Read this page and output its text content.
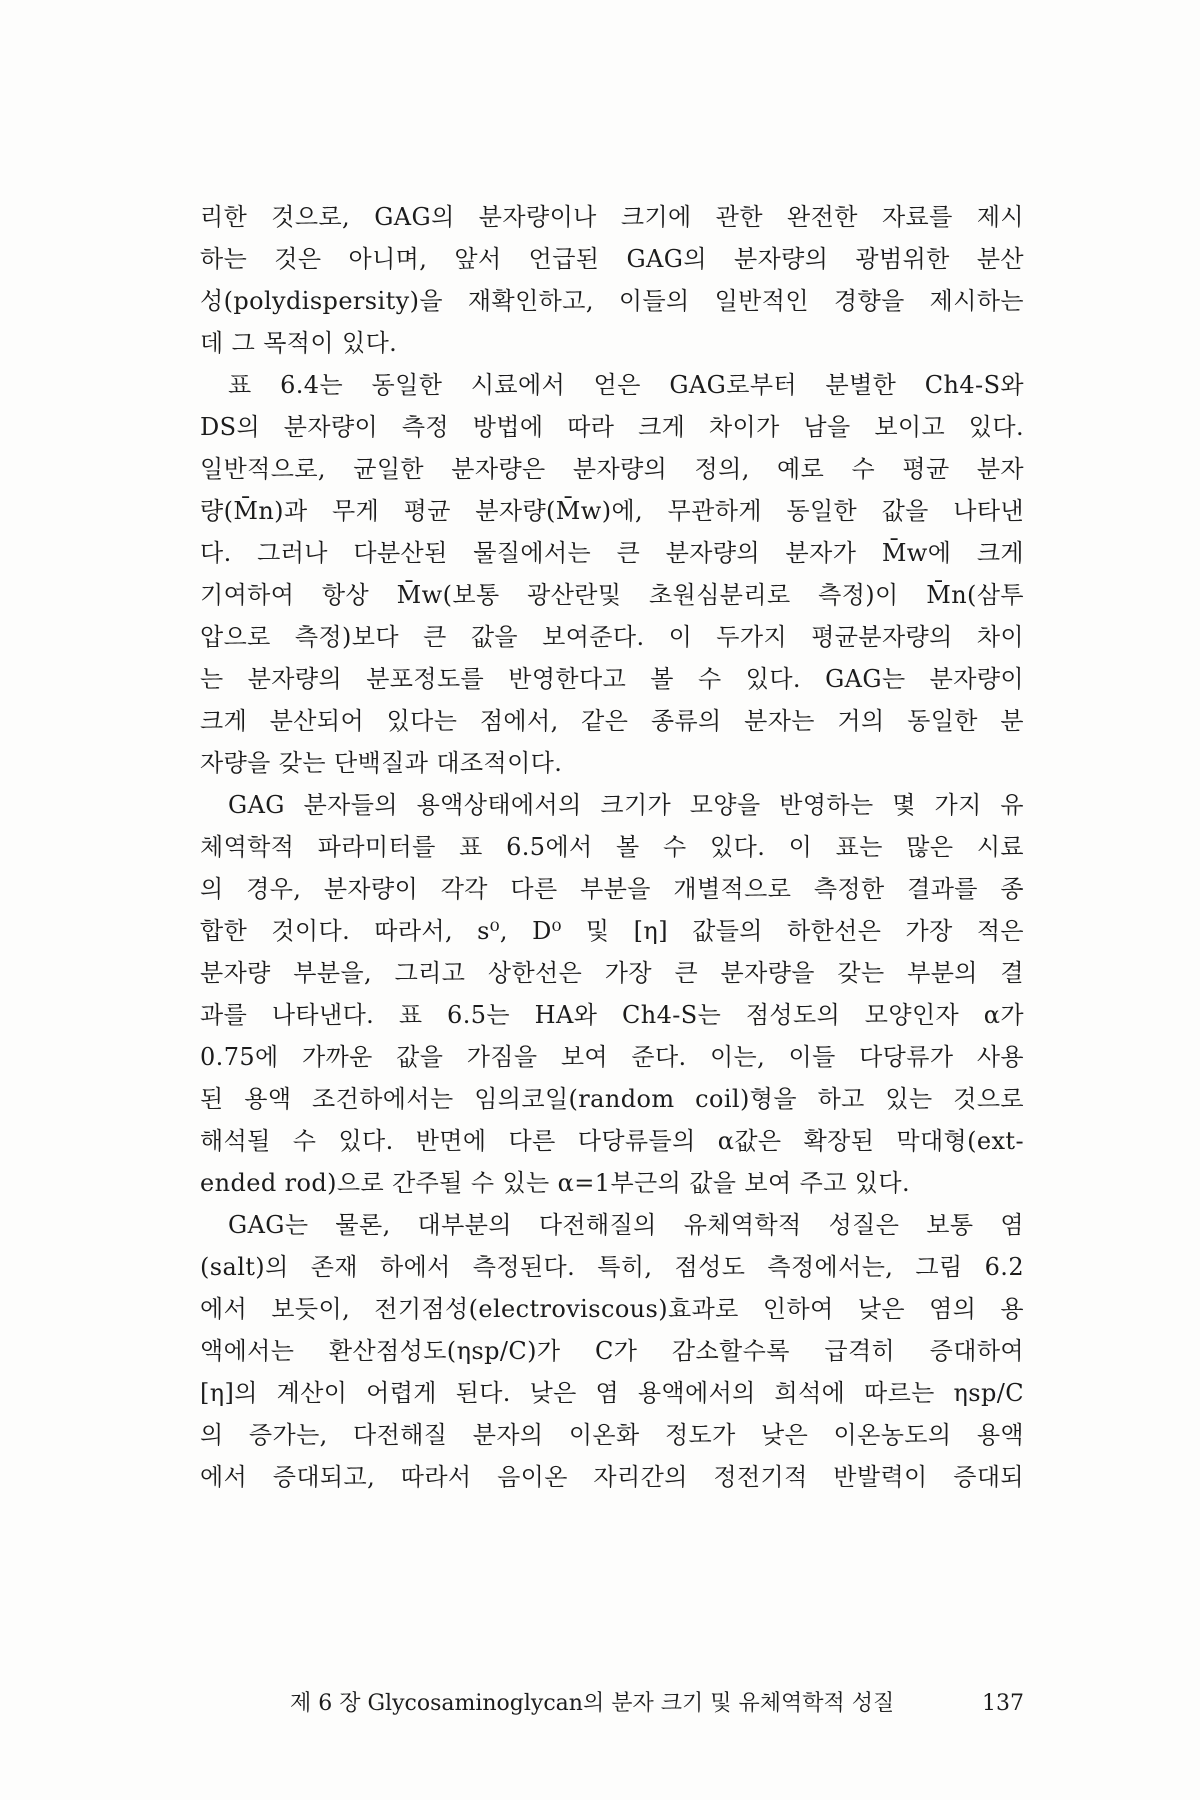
리한 것으로, GAG의 분자량이나 크기에 관한 완전한 자료를 제시
하는 것은 아니며, 앞서 언급된 GAG의 분자량의 광범위한 분산
성(polydispersity)을 재확인하고, 이들의 일반적인 경향을 제시하는
데 그 목적이 있다.
표 6.4는 동일한 시료에서 얻은 GAG로부터 분별한 Ch4-S와
DS의 분자량이 측정 방법에 따라 크게 차이가 남을 보이고 있다.
일반적으로, 균일한 분자량은 분자량의 정의, 예로 수 평균 분자
량(M̄n)과 무게 평균 분자량(M̄w)에, 무관하게 동일한 값을 나타낸
다. 그러나 다분산된 물질에서는 큰 분자량의 분자가 M̄w에 크게
기여하여 항상 M̄w(보통 광산란및 초원심분리로 측정)이 M̄n(삼투
압으로 측정)보다 큰 값을 보여준다. 이 두가지 평균분자량의 차이
는 분자량의 분포정도를 반영한다고 볼 수 있다. GAG는 분자량이
크게 분산되어 있다는 점에서, 같은 종류의 분자는 거의 동일한 분
자량을 갖는 단백질과 대조적이다.
GAG 분자들의 용액상태에서의 크기가 모양을 반영하는 몇 가지 유
체역학적 파라미터를 표 6.5에서 볼 수 있다. 이 표는 많은 시료
의 경우, 분자량이 각각 다른 부분을 개별적으로 측정한 결과를 종
합한 것이다. 따라서, s⁰, D⁰ 및 [η] 값들의 하한선은 가장 적은
분자량 부분을, 그리고 상한선은 가장 큰 분자량을 갖는 부분의 결
과를 나타낸다. 표 6.5는 HA와 Ch4-S는 점성도의 모양인자 α가
0.75에 가까운 값을 가짐을 보여 준다. 이는, 이들 다당류가 사용
된 용액 조건하에서는 임의코일(random coil)형을 하고 있는 것으로
해석될 수 있다. 반면에 다른 다당류들의 α값은 확장된 막대형(ext-
ended rod)으로 간주될 수 있는 α=1부근의 값을 보여 주고 있다.
GAG는 물론, 대부분의 다전해질의 유체역학적 성질은 보통 염
(salt)의 존재 하에서 측정된다. 특히, 점성도 측정에서는, 그림 6.2
에서 보듯이, 전기점성(electroviscous)효과로 인하여 낮은 염의 용
액에서는 환산점성도(ηsp/C)가 C가 감소할수록 급격히 증대하여
[η]의 계산이 어렵게 된다. 낮은 염 용액에서의 희석에 따르는 ηsp/C
의 증가는, 다전해질 분자의 이온화 정도가 낮은 이온농도의 용액
에서 증대되고, 따라서 음이온 자리간의 정전기적 반발력이 증대되
제 6 장 Glycosaminoglycan의 분자 크기 및 유체역학적 성질	137
